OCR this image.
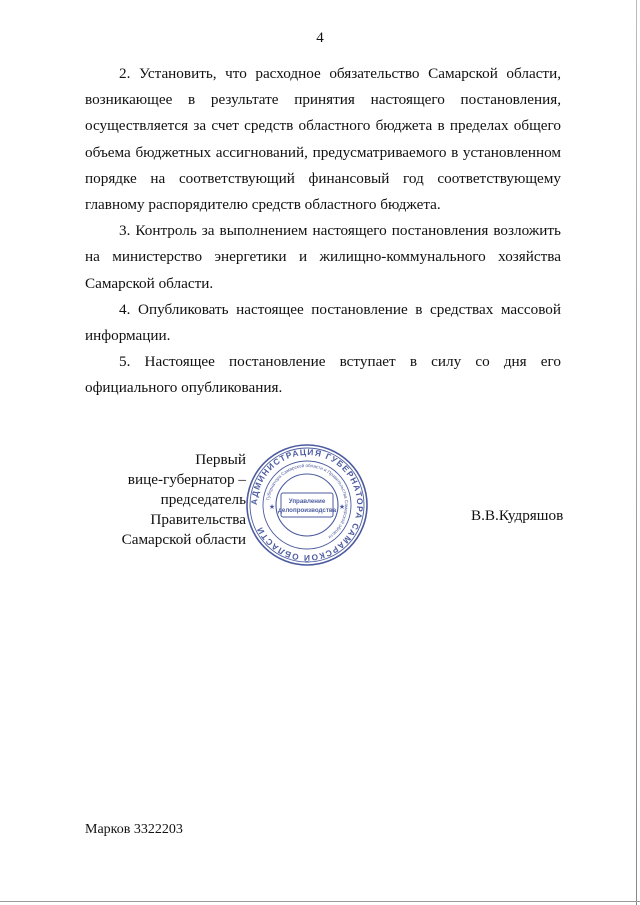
4

2. Установить, что расходное обязательство Самарской области, возникающее в результате принятия настоящего постановления, осуществляется за счет средств областного бюджета в пределах общего объема бюджетных ассигнований, предусматриваемого в установленном порядке на соответствующий финансовый год соответствующему главному распорядителю средств областного бюджета.

3. Контроль за выполнением настоящего постановления возложить на министерство энергетики и жилищно-коммунального хозяйства Самарской области.

4. Опубликовать настоящее постановление в средствах массовой информации.

5. Настоящее постановление вступает в силу со дня его официального опубликования.

Первый
вице-губернатор –
председатель Правительства
Самарской области
В.В.Кудряшов
АДМИНИСТРАЦИЯ ГУБЕРНАТОРА САМАРСКОЙ ОБЛАСТИ
Губернатора Самарской области и Правительства Самарской области
Управление
делопроизводства
★	★
Марков 3322203
